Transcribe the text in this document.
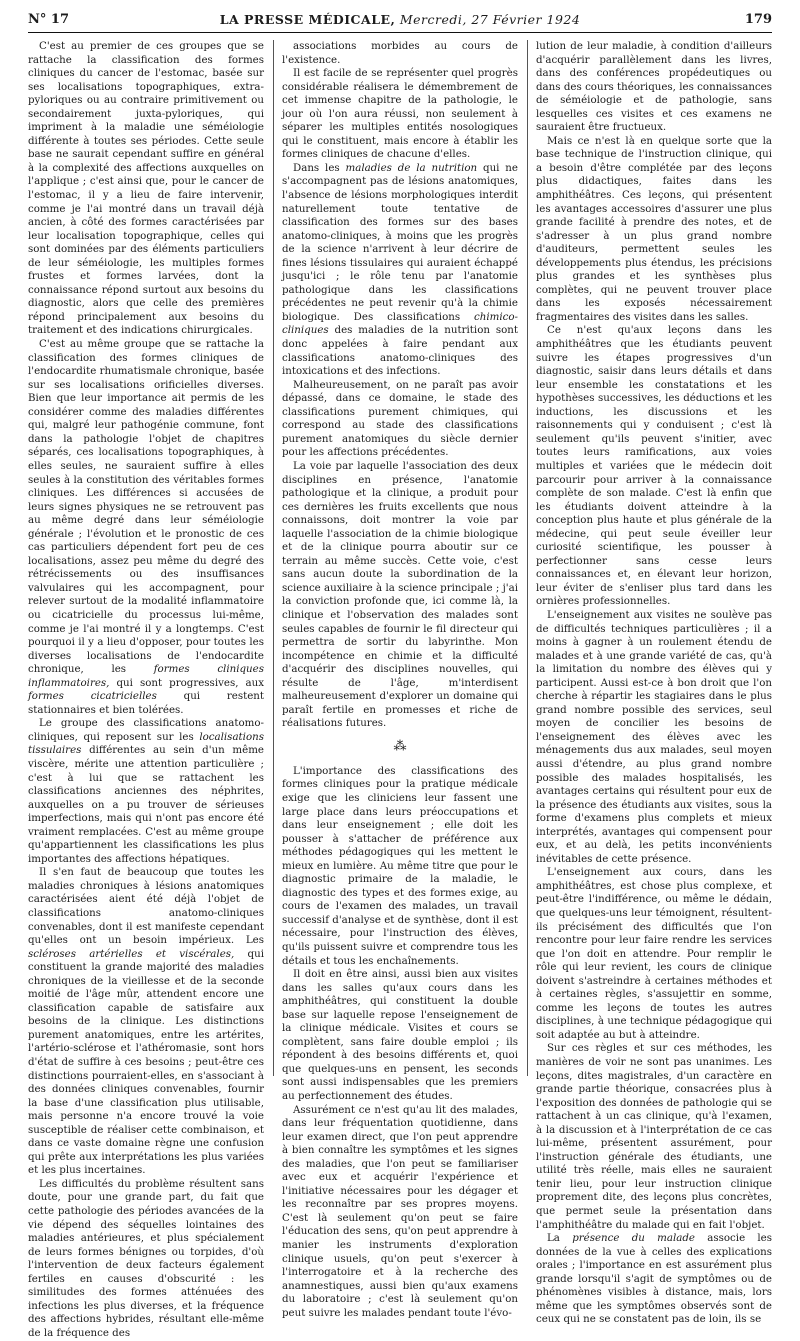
N° 17	LA PRESSE MÉDICALE, Mercredi, 27 Février 1924	179

C'est au premier de ces groupes que se rattache la classification des formes cliniques du cancer de l'estomac, basée sur ses localisations topographiques, extra-pyloriques ou au contraire primitivement ou secondairement juxta-pyloriques, qui impriment à la maladie une séméiologie différente à toutes ses périodes. Cette seule base ne saurait cependant suffire en général à la complexité des affections auxquelles on l'applique ; c'est ainsi que, pour le cancer de l'estomac, il y a lieu de faire intervenir, comme je l'ai montré dans un travail déjà ancien, à côté des formes caractérisées par leur localisation topographique, celles qui sont dominées par des éléments particuliers de leur séméiologie, les multiples formes frustes et formes larvées, dont la connaissance répond surtout aux besoins du diagnostic, alors que celle des premières répond principalement aux besoins du traitement et des indications chirurgicales.

C'est au même groupe que se rattache la classification des formes cliniques de l'endocardite rhumatismale chronique, basée sur ses localisations orificielles diverses. Bien que leur importance ait permis de les considérer comme des maladies différentes qui, malgré leur pathogénie commune, font dans la pathologie l'objet de chapitres séparés, ces localisations topographiques, à elles seules, ne sauraient suffire à elles seules à la constitution des véritables formes cliniques. Les différences si accusées de leurs signes physiques ne se retrouvent pas au même degré dans leur séméiologie générale ; l'évolution et le pronostic de ces cas particuliers dépendent fort peu de ces localisations, assez peu même du degré des rétrécissements ou des insuffisances valvulaires qui les accompagnent, pour relever surtout de la modalité inflammatoire ou cicatricielle du processus lui-même, comme je l'ai montré il y a longtemps. C'est pourquoi il y a lieu d'opposer, pour toutes les diverses localisations de l'endocardite chronique, les	formes cliniques inflammatoires, qui sont progressives, aux formes cicatricielles	qui restent stationnaires et bien tolérées.

Le groupe des classifications anatomo-cliniques, qui reposent sur les localisations tissulaires différentes au sein d'un même viscère, mérite une attention particulière ; c'est à lui que se rattachent les classifications anciennes des néphrites, auxquelles on a pu trouver de sérieuses imperfections, mais qui n'ont pas encore été vraiment remplacées. C'est au même groupe qu'appartiennent les classifications les plus importantes des affections hépatiques.

Il s'en faut de beaucoup que toutes les maladies chroniques à lésions anatomiques caractérisées aient été déjà l'objet de classifications anatomo-cliniques convenables, dont il est manifeste cependant qu'elles ont un besoin impérieux. Les scléroses artérielles et viscérales, qui constituent la grande majorité des maladies chroniques de la vieillesse et de la seconde moitié de l'âge mûr, attendent encore une classification capable de satisfaire aux besoins de la clinique. Les distinctions purement anatomiques, entre les artérites, l'artério-sclérose et l'athéromasie, sont hors d'état de suffire à ces besoins ; peut-être ces distinctions pourraient-elles, en s'associant à des données cliniques convenables, fournir la base d'une classification plus utilisable, mais personne n'a encore trouvé la voie susceptible de réaliser cette combinaison, et dans ce vaste domaine règne une confusion qui prête aux interprétations les plus variées et les plus incertaines.

Les difficultés du problème résultent sans doute, pour une grande part, du fait que cette pathologie des périodes avancées de la vie dépend des séquelles lointaines des maladies antérieures, et plus spécialement de leurs formes bénignes ou torpides, d'où l'intervention de deux facteurs également fertiles en causes d'obscurité : les similitudes des formes atténuées des infections les plus diverses, et la fréquence des affections hybrides, résultant elle-même de la fréquence des

associations morbides au cours de l'existence.

Il est facile de se représenter quel progrès considérable réalisera le démembrement de cet immense chapitre de la pathologie, le jour où l'on aura réussi, non seulement à séparer les multiples entités nosologiques qui le constituent, mais encore à établir les formes cliniques de chacune d'elles.

Dans les maladies de la nutrition qui ne s'accompagnent pas de lésions anatomiques, l'absence de lésions morphologiques interdit naturellement toute tentative de classification des formes sur des bases anatomo-cliniques, à moins que les progrès de la science n'arrivent à leur décrire de fines lésions tissulaires qui auraient échappé jusqu'ici ; le rôle tenu par l'anatomie pathologique dans les classifications précédentes ne peut revenir qu'à la chimie biologique. Des classifications chimico-cliniques des maladies de la nutrition sont donc appelées à faire pendant aux classifications anatomo-cliniques des intoxications et des infections.

Malheureusement, on ne paraît pas avoir dépassé, dans ce domaine, le stade des classifications purement chimiques, qui correspond au stade des classifications purement anatomiques du siècle dernier pour les affections précédentes.

La voie par laquelle l'association des deux disciplines en présence, l'anatomie pathologique et la clinique, a produit pour ces dernières les fruits excellents que nous connaissons, doit montrer la voie par laquelle l'association de la chimie biologique et de la clinique pourra aboutir sur ce terrain au même succès. Cette voie, c'est sans aucun doute la subordination de la science auxiliaire à la science principale ; j'ai la conviction profonde que, ici comme là, la clinique et l'observation des malades sont seules capables de fournir le fil directeur qui permettra de sortir du labyrinthe. Mon incompétence en chimie et la difficulté d'acquérir des disciplines nouvelles, qui résulte de l'âge, m'interdisent malheureusement d'explorer un domaine qui paraît fertile en promesses et riche de réalisations futures.

⁂

L'importance des classifications des formes cliniques pour la pratique médicale exige que les cliniciens leur fassent une large place dans leurs préoccupations et dans leur enseignement ; elle doit les pousser à s'attacher de préférence aux méthodes pédagogiques qui les mettent le mieux en lumière. Au même titre que pour le diagnostic primaire de la maladie, le diagnostic des types et des formes exige, au cours de l'examen des malades, un travail successif d'analyse et de synthèse, dont il est nécessaire, pour l'instruction des élèves, qu'ils puissent suivre et comprendre tous les détails et tous les enchaînements.

Il doit en être ainsi, aussi bien aux visites dans les salles qu'aux cours dans les amphithéâtres, qui constituent la double base sur laquelle repose l'enseignement de la clinique médicale. Visites et cours se complètent, sans faire double emploi ; ils répondent à des besoins différents et, quoi que quelques-uns en pensent, les seconds sont aussi indispensables que les premiers au perfectionnement des études.

Assurément ce n'est qu'au lit des malades, dans leur fréquentation quotidienne, dans leur examen direct, que l'on peut apprendre à bien connaître les symptômes et les signes des maladies, que l'on peut se familiariser avec eux et acquérir l'expérience et l'initiative nécessaires pour les dégager et les reconnaître par ses propres moyens. C'est là seulement qu'on peut se faire l'éducation des sens, qu'on peut apprendre à manier les instruments d'exploration clinique usuels, qu'on peut s'exercer à l'interrogatoire et à la recherche des anamnestiques, aussi bien qu'aux examens du laboratoire ; c'est là seulement qu'on peut suivre les malades pendant toute l'évo-

lution de leur maladie, à condition d'ailleurs d'acquérir parallèlement dans les livres, dans des conférences propédeutiques ou dans des cours théoriques, les connaissances de séméiologie et de pathologie, sans lesquelles ces visites et ces examens ne sauraient être fructueux.

Mais ce n'est là en quelque sorte que la base technique de l'instruction clinique, qui a besoin d'être complétée par des leçons plus didactiques, faites dans les amphithéâtres. Ces leçons, qui présentent les avantages accessoires d'assurer une plus grande facilité à prendre des notes, et de s'adresser à un plus grand nombre d'auditeurs, permettent seules les développements plus étendus, les précisions plus grandes et les synthèses plus complètes, qui ne peuvent trouver place dans les exposés nécessairement fragmentaires des visites dans les salles.

Ce n'est qu'aux leçons dans les amphithéâtres que les étudiants peuvent suivre les étapes progressives d'un diagnostic, saisir dans leurs détails et dans leur ensemble les constatations et les hypothèses successives, les déductions et les inductions, les discussions et les raisonnements qui y conduisent ; c'est là seulement qu'ils peuvent s'initier, avec toutes leurs ramifications, aux voies multiples et variées que le médecin doit parcourir pour arriver à la connaissance complète de son malade. C'est là enfin que les étudiants doivent atteindre à la conception plus haute et plus générale de la médecine, qui peut seule éveiller leur curiosité scientifique, les pousser à perfectionner sans cesse leurs connaissances et, en élevant leur horizon, leur éviter de s'enliser plus tard dans les ornières professionnelles.

L'enseignement aux visites ne soulève pas de difficultés techniques particulières ; il a moins à gagner à un roulement étendu de malades et à une grande variété de cas, qu'à la limitation du nombre des élèves qui y participent. Aussi est-ce à bon droit que l'on cherche à répartir les stagiaires dans le plus grand nombre possible des services, seul moyen de concilier les besoins de l'enseignement des élèves avec les ménagements dus aux malades, seul moyen aussi d'étendre, au plus grand nombre possible des malades hospitalisés, les avantages certains qui résultent pour eux de la présence des étudiants aux visites, sous la forme d'examens plus complets et mieux interprétés, avantages qui compensent pour eux, et au delà, les petits inconvénients inévitables de cette présence.

L'enseignement aux cours, dans les amphithéâtres, est chose plus complexe, et peut-être l'indifférence, ou même le dédain, que quelques-uns leur témoignent, résultent-ils précisément des difficultés que l'on rencontre pour leur faire rendre les services que l'on doit en attendre. Pour remplir le rôle qui leur revient, les cours de clinique doivent s'astreindre à certaines méthodes et à certaines règles, s'assujettir en somme, comme les leçons de toutes les autres disciplines, à une technique pédagogique qui soit adaptée au but à atteindre.

Sur ces règles et sur ces méthodes, les manières de voir ne sont pas unanimes. Les leçons, dites magistrales, d'un caractère en grande partie théorique, consacrées plus à l'exposition des données de pathologie qui se rattachent à un cas clinique, qu'à l'examen, à la discussion et à l'interprétation de ce cas lui-même, présentent assurément, pour l'instruction générale des étudiants, une utilité très réelle, mais elles ne sauraient tenir lieu, pour leur instruction clinique proprement dite, des leçons plus concrètes, que permet seule la présentation dans l'amphithéâtre du malade qui en fait l'objet.

La présence du malade associe les données de la vue à celles des explications orales ; l'importance en est assurément plus grande lorsqu'il s'agit de symptômes ou de phénomènes visibles à distance, mais, lors même que les symptômes observés sont de ceux qui ne se constatent pas de loin, ils se
